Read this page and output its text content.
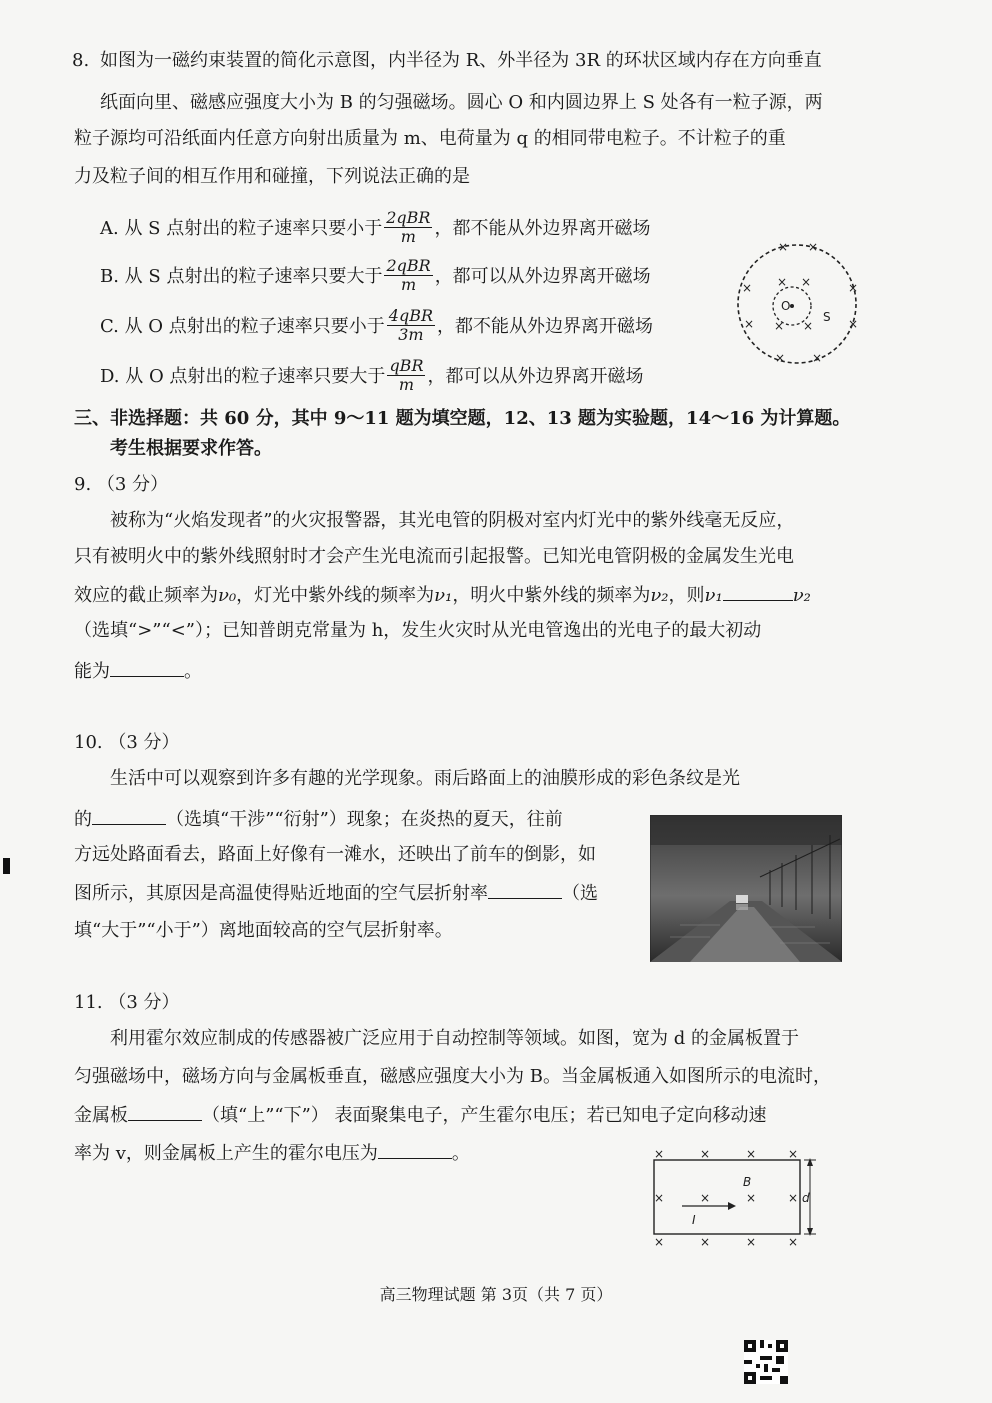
8. 如图为一磁约束装置的简化示意图，内半径为 R、外半径为 3R 的环状区域内存在方向垂直
纸面向里、磁感应强度大小为 B 的匀强磁场。圆心 O 和内圆边界上 S 处各有一粒子源，两
粒子源均可沿纸面内任意方向射出质量为 m、电荷量为 q 的相同带电粒子。不计粒子的重
力及粒子间的相互作用和碰撞，下列说法正确的是
A. 从 S 点射出的粒子速率只要小于 $\frac{\text{2qBR}}{m}$ ，都不能从外边界离开磁场
B. 从 S 点射出的粒子速率只要大于 $\frac{\text{2qBR}}{m}$ ，都可以从外边界离开磁场
C. 从 O 点射出的粒子速率只要小于 $\frac{\text{4qBR}}{3m}$ ，都不能从外边界离开磁场
D. 从 O 点射出的粒子速率只要大于 $\frac{\text{qBR}}{m}$ ，都可以从外边界离开磁场
O
S
× ×
×	×
× ×
× ×
×	×
× ×
三、非选择题：共 60 分，其中 9～11 题为填空题，12、13 题为实验题，14～16 为计算题。
考生根据要求作答。
9. （3 分）
被称为“火焰发现者”的火灾报警器，其光电管的阴极对室内灯光中的紫外线毫无反应，
只有被明火中的紫外线照射时才会产生光电流而引起报警。已知光电管阴极的金属发生光电
效应的截止频率为ν₀，灯光中紫外线的频率为ν₁，明火中紫外线的频率为ν₂，则ν₁	ν₂
（选填“>”“<”）；已知普朗克常量为 h，发生火灾时从光电管逸出的光电子的最大初动
能为	。
10. （3 分）
生活中可以观察到许多有趣的光学现象。雨后路面上的油膜形成的彩色条纹是光
的	（选填“干涉”“衍射”）现象；在炎热的夏天，往前
方远处路面看去，路面上好像有一滩水，还映出了前车的倒影，如
图所示，其原因是高温使得贴近地面的空气层折射率	（选
填“大于”“小于”）离地面较高的空气层折射率。
11. （3 分）
利用霍尔效应制成的传感器被广泛应用于自动控制等领域。如图，宽为 d 的金属板置于
匀强磁场中，磁场方向与金属板垂直，磁感应强度大小为 B。当金属板通入如图所示的电流时，
金属板	（填“上”“下”） 表面聚集电子，产生霍尔电压；若已知电子定向移动速
率为 v，则金属板上产生的霍尔电压为	。	×	×	×	×
×	×	×	×
×	×	×	×
B
I
d
高三物理试题 第 3页（共 7 页）
